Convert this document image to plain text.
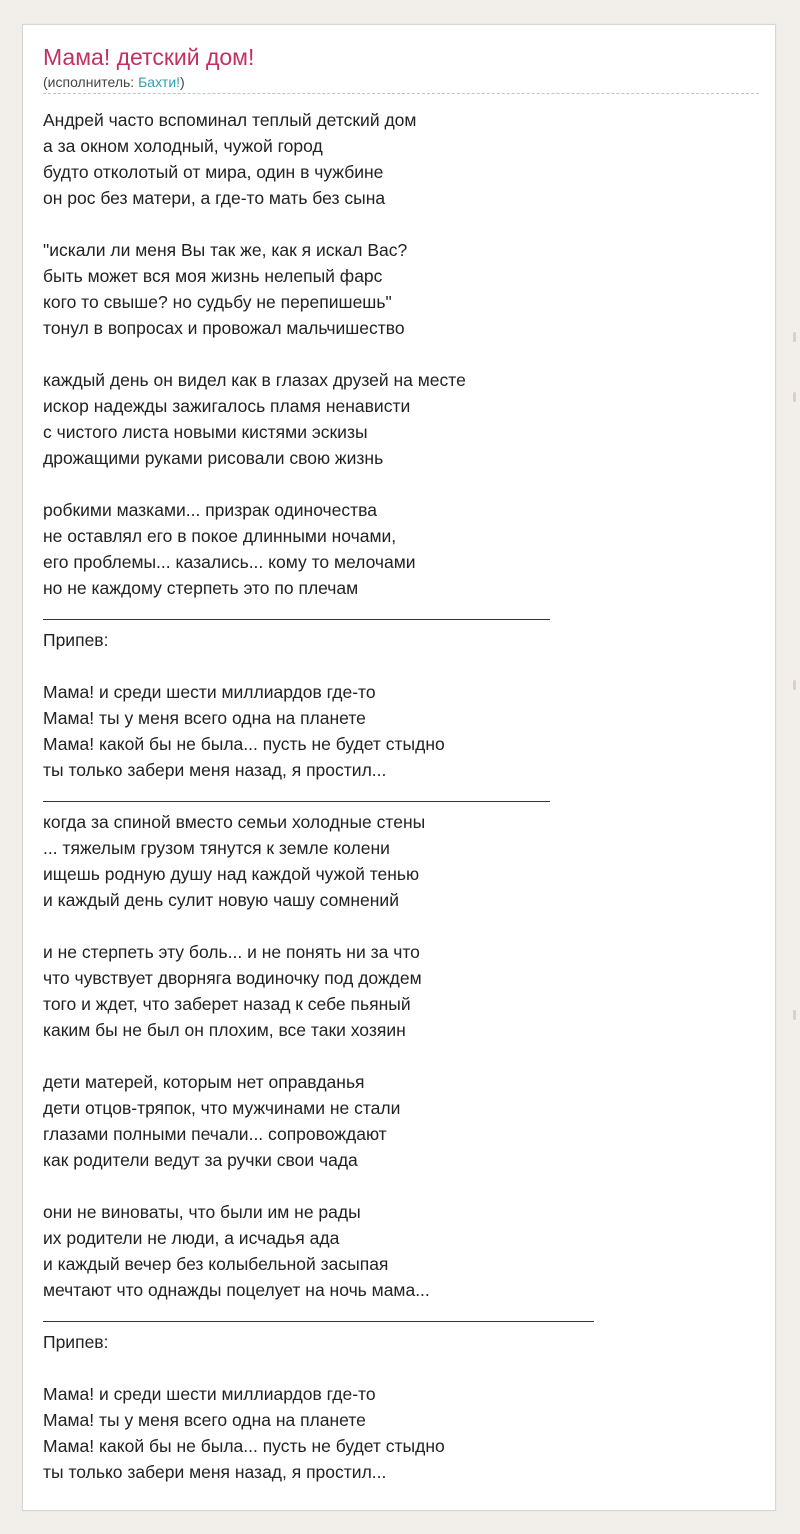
Мама! детский дом!
(исполнитель: Бахти!)
Андрей часто вспоминал теплый детский дом
а за окном холодный, чужой город
будто отколотый от мира, один в чужбине
он рос без матери, а где-то мать без сына
"искали ли меня Вы так же, как я искал Вас?
быть может вся моя жизнь нелепый фарс
кого то свыше? но судьбу не перепишешь"
тонул в вопросах и провожал мальчишество
каждый день он видел как в глазах друзей на месте
искор надежды зажигалось пламя ненависти
с чистого листа новыми кистями эскизы
дрожащими руками рисовали свою жизнь
робкими мазками... призрак одиночества
не оставлял его в покое длинными ночами,
его проблемы... казались... кому то мелочами
но не каждому стерпеть это по плечам
Припев:
Мама! и среди шести миллиардов где-то
Мама! ты у меня всего одна на планете
Мама! какой бы не была... пусть не будет стыдно
ты только забери меня назад, я простил...
когда за спиной вместо семьи холодные стены
... тяжелым грузом тянутся к земле колени
ищешь родную душу над каждой чужой тенью
и каждый день сулит новую чашу сомнений
и не стерпеть эту боль... и не понять ни за что
что чувствует дворняга водиночку под дождем
того и ждет, что заберет назад к себе пьяный
каким бы не был он плохим, все таки хозяин
дети матерей, которым нет оправданья
дети отцов-тряпок, что мужчинами не стали
глазами полными печали... сопровождают
как родители ведут за ручки свои чада
они не виноваты, что были им не рады
их родители не люди, а исчадья ада
и каждый вечер без колыбельной засыпая
мечтают что однажды поцелует на ночь мама...
Припев:
Мама! и среди шести миллиардов где-то
Мама! ты у меня всего одна на планете
Мама! какой бы не была... пусть не будет стыдно
ты только забери меня назад, я простил...
